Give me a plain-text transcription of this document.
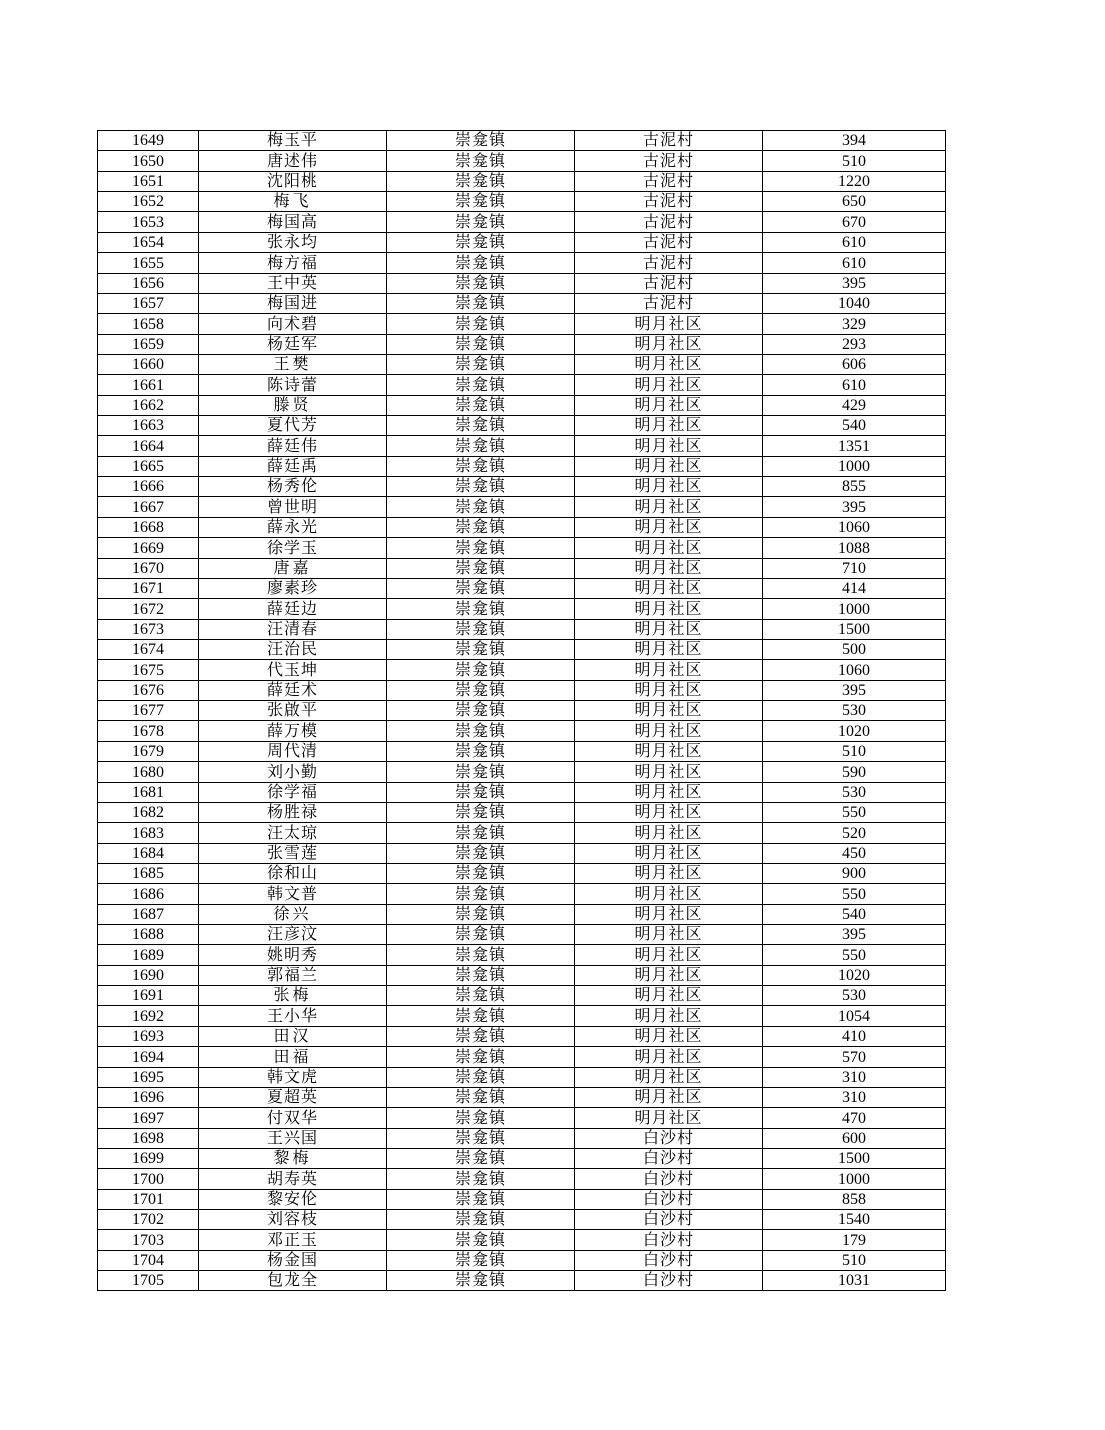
1649	梅玉平	崇龛镇	古泥村	394
1650	唐述伟	崇龛镇	古泥村	510
1651	沈阳桃	崇龛镇	古泥村	1220
1652	梅飞	崇龛镇	古泥村	650
1653	梅国高	崇龛镇	古泥村	670
1654	张永均	崇龛镇	古泥村	610
1655	梅方福	崇龛镇	古泥村	610
1656	王中英	崇龛镇	古泥村	395
1657	梅国进	崇龛镇	古泥村	1040
1658	向术碧	崇龛镇	明月社区	329
1659	杨廷军	崇龛镇	明月社区	293
1660	王樊	崇龛镇	明月社区	606
1661	陈诗蕾	崇龛镇	明月社区	610
1662	滕贤	崇龛镇	明月社区	429
1663	夏代芳	崇龛镇	明月社区	540
1664	薛廷伟	崇龛镇	明月社区	1351
1665	薛廷禹	崇龛镇	明月社区	1000
1666	杨秀伦	崇龛镇	明月社区	855
1667	曾世明	崇龛镇	明月社区	395
1668	薛永光	崇龛镇	明月社区	1060
1669	徐学玉	崇龛镇	明月社区	1088
1670	唐嘉	崇龛镇	明月社区	710
1671	廖素珍	崇龛镇	明月社区	414
1672	薛廷边	崇龛镇	明月社区	1000
1673	汪清春	崇龛镇	明月社区	1500
1674	汪治民	崇龛镇	明月社区	500
1675	代玉坤	崇龛镇	明月社区	1060
1676	薛廷术	崇龛镇	明月社区	395
1677	张啟平	崇龛镇	明月社区	530
1678	薛万模	崇龛镇	明月社区	1020
1679	周代清	崇龛镇	明月社区	510
1680	刘小勤	崇龛镇	明月社区	590
1681	徐学福	崇龛镇	明月社区	530
1682	杨胜禄	崇龛镇	明月社区	550
1683	汪太琼	崇龛镇	明月社区	520
1684	张雪莲	崇龛镇	明月社区	450
1685	徐和山	崇龛镇	明月社区	900
1686	韩文普	崇龛镇	明月社区	550
1687	徐兴	崇龛镇	明月社区	540
1688	汪彦汶	崇龛镇	明月社区	395
1689	姚明秀	崇龛镇	明月社区	550
1690	郭福兰	崇龛镇	明月社区	1020
1691	张梅	崇龛镇	明月社区	530
1692	王小华	崇龛镇	明月社区	1054
1693	田汉	崇龛镇	明月社区	410
1694	田福	崇龛镇	明月社区	570
1695	韩文虎	崇龛镇	明月社区	310
1696	夏超英	崇龛镇	明月社区	310
1697	付双华	崇龛镇	明月社区	470
1698	王兴国	崇龛镇	白沙村	600
1699	黎梅	崇龛镇	白沙村	1500
1700	胡寿英	崇龛镇	白沙村	1000
1701	黎安伦	崇龛镇	白沙村	858
1702	刘容枝	崇龛镇	白沙村	1540
1703	邓正玉	崇龛镇	白沙村	179
1704	杨金国	崇龛镇	白沙村	510
1705	包龙全	崇龛镇	白沙村	1031
